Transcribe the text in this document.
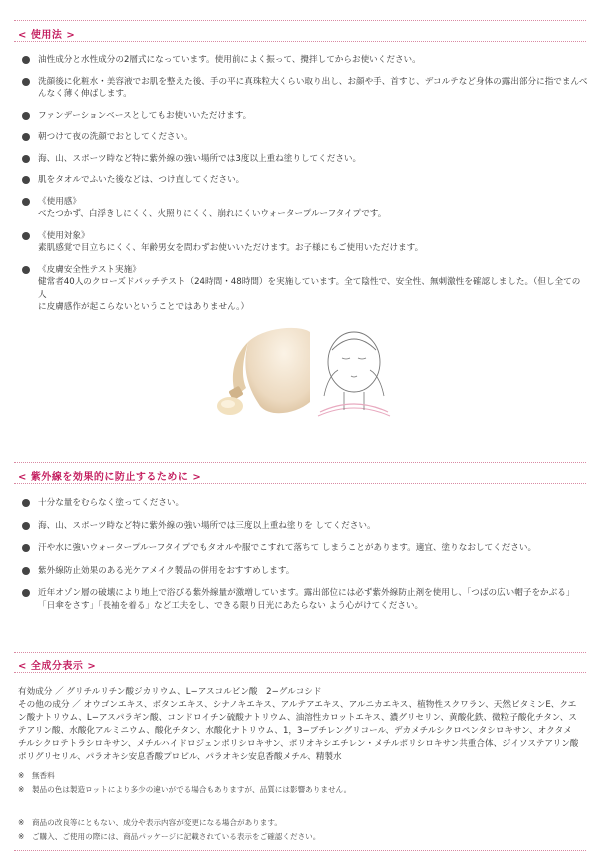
< 使用法 >
油性成分と水性成分の2層式になっています。使用前によく振って、攪拌してからお使いください。
洗顔後に化粧水・美容液でお肌を整えた後、手の平に真珠粒大くらい取り出し、お顔や手、首すじ、デコルテなど身体の露出部分に指でまんべ
んなく薄く伸ばします。
ファンデーションベースとしてもお使いいただけます。
朝つけて夜の洗顔でおとしてください。
海、山、スポーツ時など特に紫外線の強い場所では3度以上重ね塗りしてください。
肌をタオルでふいた後などは、つけ直してください。
《使用感》
べたつかず、白浮きしにくく、火照りにくく、崩れにくいウォータープルーフタイプです。
《使用対象》
素肌感覚で目立ちにくく、年齢男女を問わずお使いいただけます。お子様にもご使用いただけます。
《皮膚安全性テスト実施》
健常者40人のクローズドパッチテスト（24時間・48時間）を実施しています。全て陰性で、安全性、無刺激性を確認しました。（但し全ての人
に皮膚感作が起こらないということではありません。）
< 紫外線を効果的に防止するために >
十分な量をむらなく塗ってください。
海、山、スポーツ時など特に紫外線の強い場所では三度以上重ね塗りを してください。
汗や水に強いウォータープルーフタイプでもタオルや服でこすれて落ちて しまうことがあります。適宜、塗りなおしてください。
紫外線防止効果のある光ケアメイク製品の併用をおすすめします。
近年オゾン層の破壊により地上で浴びる紫外線量が激増しています。露出部位には必ず紫外線防止剤を使用し、「つばの広い帽子をかぶる」
「日傘をさす」「長袖を着る」など工夫をし、できる限り日光にあたらない よう心がけてください。
< 全成分表示 >
有効成分 ／ グリチルリチン酸ジカリウム、L−アスコルビン酸　2−グルコシド
その他の成分 ／ オウゴンエキス、ボタンエキス、シナノキエキス、アルテアエキス、アルニカエキス、植物性スクワラン、天然ビタミンE、クエ
ン酸ナトリウム、L−アスパラギン酸、コンドロイチン硫酸ナトリウム、油溶性カロットエキス、濃グリセリン、黄酸化鉄、微粒子酸化チタン、ス
テアリン酸、水酸化アルミニウム、酸化チタン、水酸化ナトリウム、1，3−ブチレングリコール、デカメチルシクロペンタシロキサン、オクタメ
チルシクロテトラシロキサン、メチルハイドロジェンポリシロキサン、ポリオキシエチレン・メチルポリシロキサン共重合体、ジイソステアリン酸
ポリグリセリル、パラオキシ安息香酸プロピル、パラオキシ安息香酸メチル、精製水
※　無香料
※　製品の色は製造ロットにより多少の違いがでる場合もありますが、品質には影響ありません。
※　商品の改良等にともない、成分や表示内容が変更になる場合があります。
※　ご購入、ご使用の際には、商品パッケージに記載されている表示をご確認ください。
